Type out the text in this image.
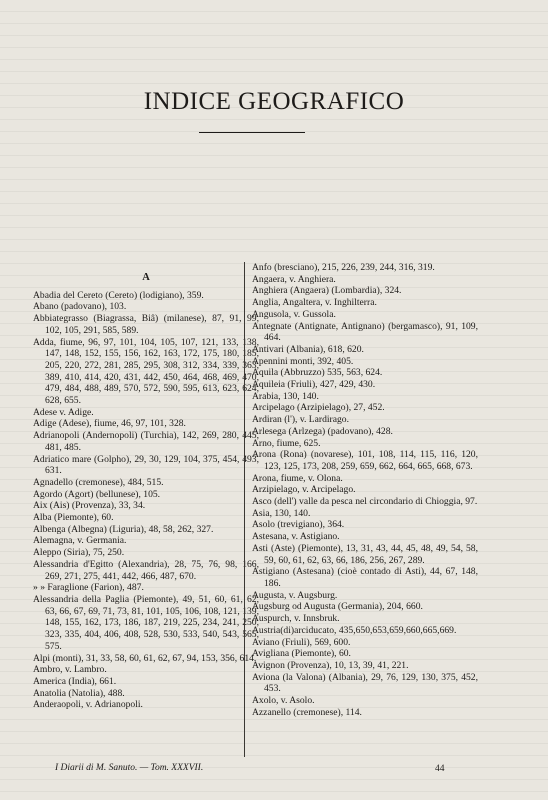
INDICE GEOGRAFICO
A
Abadia del Cereto (Cereto) (lodigiano), 359.
Abano (padovano), 103.
Abbiategrasso (Biagrassa, Biâ) (milanese), 87, 91, 99, 102, 105, 291, 585, 589.
Adda, fiume, 96, 97, 101, 104, 105, 107, 121, 133, 138, 147, 148, 152, 155, 156, 162, 163, 172, 175, 180, 185, 205, 220, 272, 281, 285, 295, 308, 312, 334, 339, 363, 389, 410, 414, 420, 431, 442, 450, 464, 468, 469, 470, 479, 484, 488, 489, 570, 572, 590, 595, 613, 623, 624, 628, 655.
Adese v. Adige.
Adige (Adese), fiume, 46, 97, 101, 328.
Adrianopoli (Andernopoli) (Turchia), 142, 269, 280, 445, 481, 485.
Adriatico mare (Golpho), 29, 30, 129, 104, 375, 454, 493, 631.
Agnadello (cremonese), 484, 515.
Agordo (Agort) (bellunese), 105.
Aix (Ais) (Provenza), 33, 34.
Alba (Piemonte), 60.
Albenga (Albegna) (Liguria), 48, 58, 262, 327.
Alemagna, v. Germania.
Aleppo (Siria), 75, 250.
Alessandria d'Egitto (Alexandria), 28, 75, 76, 98, 166, 269, 271, 275, 441, 442, 466, 487, 670.
» » Faraglione (Farion), 487.
Alessandria della Paglia (Piemonte), 49, 51, 60, 61, 62, 63, 66, 67, 69, 71, 73, 81, 101, 105, 106, 108, 121, 139, 148, 155, 162, 173, 186, 187, 219, 225, 234, 241, 250, 323, 335, 404, 406, 408, 528, 530, 533, 540, 543, 565, 575.
Alpi (monti), 31, 33, 58, 60, 61, 62, 67, 94, 153, 356, 614.
Ambro, v. Lambro.
America (India), 661.
Anatolia (Natolia), 488.
Anderaopoli, v. Adrianopoli.
Anfo (bresciano), 215, 226, 239, 244, 316, 319.
Angaera, v. Anghiera.
Anghiera (Angaera) (Lombardia), 324.
Anglia, Angaltera, v. Inghilterra.
Angusola, v. Gussola.
Antegnate (Antignate, Antignano) (bergamasco), 91, 109, 464.
Antivari (Albania), 618, 620.
Apennini monti, 392, 405.
Aquila (Abbruzzo) 535, 563, 624.
Aquileia (Friuli), 427, 429, 430.
Arabia, 130, 140.
Arcipelago (Arzipielago), 27, 452.
Ardiran (l'), v. Lardirago.
Arlesega (Arlzega) (padovano), 428.
Arno, fiume, 625.
Arona (Rona) (novarese), 101, 108, 114, 115, 116, 120, 123, 125, 173, 208, 259, 659, 662, 664, 665, 668, 673.
Arona, fiume, v. Olona.
Arzipielago, v. Arcipelago.
Asco (dell') valle da pesca nel circondario di Chioggia, 97.
Asia, 130, 140.
Asolo (trevigiano), 364.
Astesana, v. Astigiano.
Asti (Aste) (Piemonte), 13, 31, 43, 44, 45, 48, 49, 54, 58, 59, 60, 61, 62, 63, 66, 186, 256, 267, 289.
Astigiano (Astesana) (cioè contado di Asti), 44, 67, 148, 186.
Augusta, v. Augsburg.
Augsburg od Augusta (Germania), 204, 660.
Auspurch, v. Innsbruk.
Austria(di)arciducato, 435,650,653,659,660,665,669.
Aviano (Friuli), 569, 600.
Avigliana (Piemonte), 60.
Avignon (Provenza), 10, 13, 39, 41, 221.
Aviona (la Valona) (Albania), 29, 76, 129, 130, 375, 452, 453.
Axolo, v. Asolo.
Azzanello (cremonese), 114.
I Diarii di M. Sanuto. — Tom. XXXVII.	44
